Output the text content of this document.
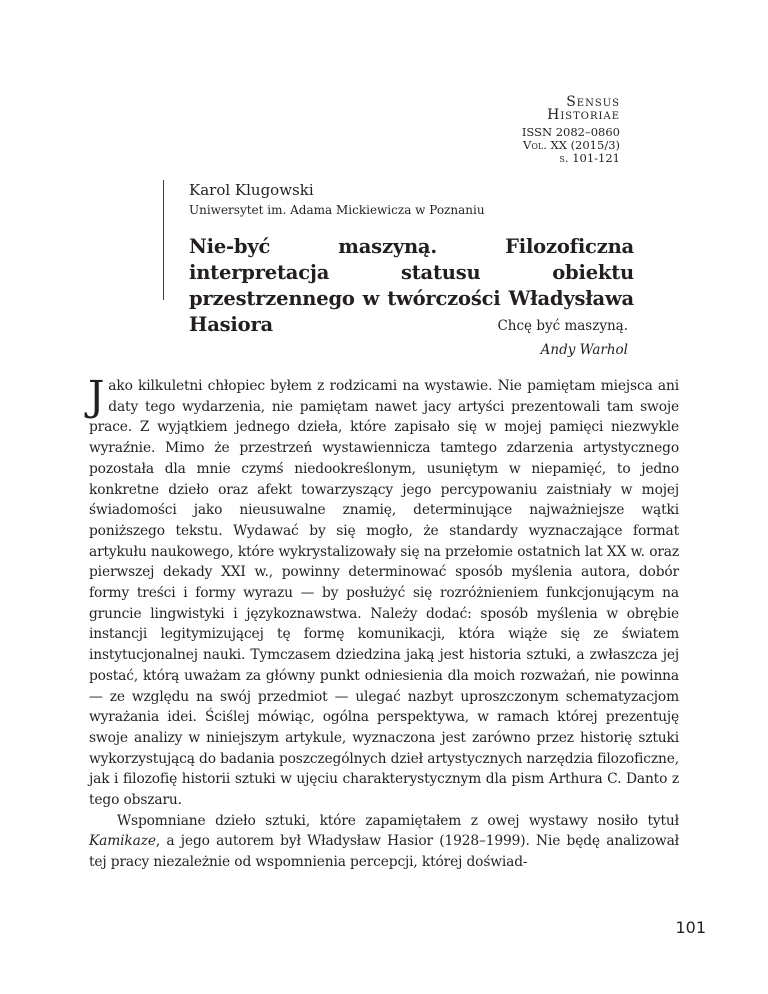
Sensus
Historiae
ISSN 2082–0860
Vol. XX (2015/3)
s. 101-121
Karol Klugowski
Uniwersytet im. Adama Mickiewicza w Poznaniu
Nie-być maszyną. Filozoficzna interpretacja statusu obiektu przestrzennego w twórczości Władysława Hasiora	Chcę być maszyną.
Andy Warhol

Jako kilkuletni chłopiec byłem z rodzicami na wystawie. Nie pamiętam miejsca ani daty tego wydarzenia, nie pamiętam nawet jacy artyści prezentowali tam swoje prace. Z wyjątkiem jednego dzieła, które zapisało się w mojej pamięci niezwykle wyraźnie. Mimo że przestrzeń wystawiennicza tamtego zdarzenia artystycznego pozostała dla mnie czymś niedookreślonym, usuniętym w niepamięć, to jedno konkretne dzieło oraz afekt towarzyszący jego percypowaniu zaistniały w mojej świadomości jako nieusuwalne znamię, determinujące najważniejsze wątki poniższego tekstu. Wydawać by się mogło, że standardy wyznaczające format artykułu naukowego, które wykrystalizowały się na przełomie ostatnich lat XX w. oraz pierwszej dekady XXI w., powinny determinować sposób myślenia autora, dobór formy treści i formy wyrazu — by posłużyć się rozróżnieniem funkcjonującym na gruncie lingwistyki i językoznawstwa. Należy dodać: sposób myślenia w obrębie instancji legitymizującej tę formę komunikacji, która wiąże się ze światem instytucjonalnej nauki. Tymczasem dziedzina jaką jest historia sztuki, a zwłaszcza jej postać, którą uważam za główny punkt odniesienia dla moich rozważań, nie powinna — ze względu na swój przedmiot — ulegać nazbyt uproszczonym schematyzacjom wyrażania idei. Ściślej mówiąc, ogólna perspektywa, w ramach której prezentuję swoje analizy w niniejszym artykule, wyznaczona jest zarówno przez historię sztuki wykorzystującą do badania poszczególnych dzieł artystycznych narzędzia filozoficzne, jak i filozofię historii sztuki w ujęciu charakterystycznym dla pism Arthura C. Danto z tego obszaru.

Wspomniane dzieło sztuki, które zapamiętałem z owej wystawy nosiło tytuł Kamikaze, a jego autorem był Władysław Hasior (1928–1999). Nie będę analizował tej pracy niezależnie od wspomnienia percepcji, której doświad-

101
